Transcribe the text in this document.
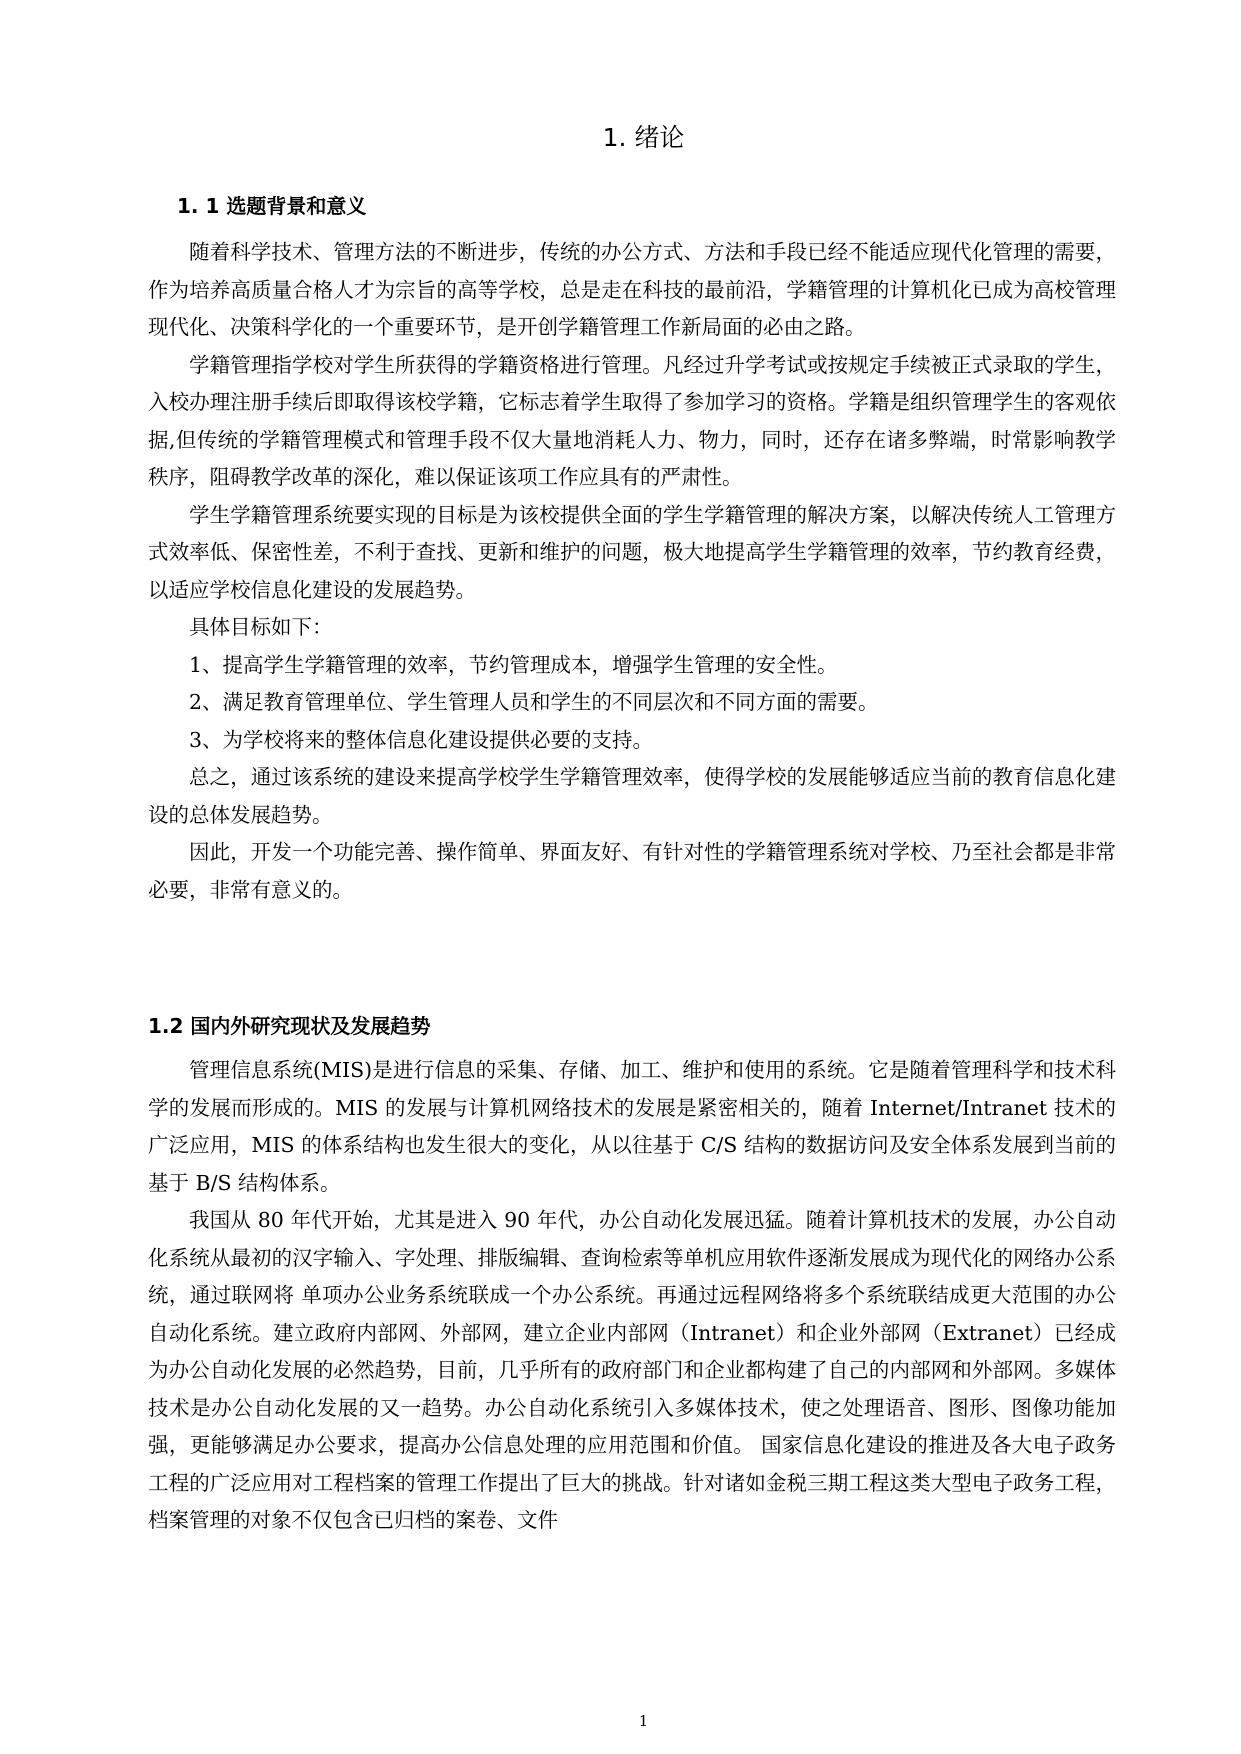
1. 绪论
1. 1 选题背景和意义

随着科学技术、管理方法的不断进步，传统的办公方式、方法和手段已经不能适应现代化管理的需要，作为培养高质量合格人才为宗旨的高等学校，总是走在科技的最前沿，学籍管理的计算机化已成为高校管理现代化、决策科学化的一个重要环节，是开创学籍管理工作新局面的必由之路。

学籍管理指学校对学生所获得的学籍资格进行管理。凡经过升学考试或按规定手续被正式录取的学生，入校办理注册手续后即取得该校学籍，它标志着学生取得了参加学习的资格。学籍是组织管理学生的客观依据,但传统的学籍管理模式和管理手段不仅大量地消耗人力、物力，同时，还存在诸多弊端，时常影响教学秩序，阻碍教学改革的深化，难以保证该项工作应具有的严肃性。

学生学籍管理系统要实现的目标是为该校提供全面的学生学籍管理的解决方案，以解决传统人工管理方式效率低、保密性差，不利于查找、更新和维护的问题，极大地提高学生学籍管理的效率，节约教育经费，以适应学校信息化建设的发展趋势。

具体目标如下：

1、提高学生学籍管理的效率，节约管理成本，增强学生管理的安全性。

2、满足教育管理单位、学生管理人员和学生的不同层次和不同方面的需要。

3、为学校将来的整体信息化建设提供必要的支持。

总之，通过该系统的建设来提高学校学生学籍管理效率，使得学校的发展能够适应当前的教育信息化建设的总体发展趋势。

因此，开发一个功能完善、操作简单、界面友好、有针对性的学籍管理系统对学校、乃至社会都是非常必要，非常有意义的。

1.2 国内外研究现状及发展趋势

管理信息系统(MIS)是进行信息的采集、存储、加工、维护和使用的系统。它是随着管理科学和技术科学的发展而形成的。MIS 的发展与计算机网络技术的发展是紧密相关的，随着 Internet/Intranet 技术的广泛应用，MIS 的体系结构也发生很大的变化，从以往基于 C/S 结构的数据访问及安全体系发展到当前的基于 B/S 结构体系。

我国从 80 年代开始，尤其是进入 90 年代，办公自动化发展迅猛。随着计算机技术的发展，办公自动化系统从最初的汉字输入、字处理、排版编辑、查询检索等单机应用软件逐渐发展成为现代化的网络办公系统，通过联网将 单项办公业务系统联成一个办公系统。再通过远程网络将多个系统联结成更大范围的办公自动化系统。建立政府内部网、外部网，建立企业内部网（Intranet）和企业外部网（Extranet）已经成为办公自动化发展的必然趋势，目前，几乎所有的政府部门和企业都构建了自己的内部网和外部网。多媒体技术是办公自动化发展的又一趋势。办公自动化系统引入多媒体技术，使之处理语音、图形、图像功能加强，更能够满足办公要求，提高办公信息处理的应用范围和价值。 国家信息化建设的推进及各大电子政务工程的广泛应用对工程档案的管理工作提出了巨大的挑战。针对诸如金税三期工程这类大型电子政务工程，档案管理的对象不仅包含已归档的案卷、文件

1
